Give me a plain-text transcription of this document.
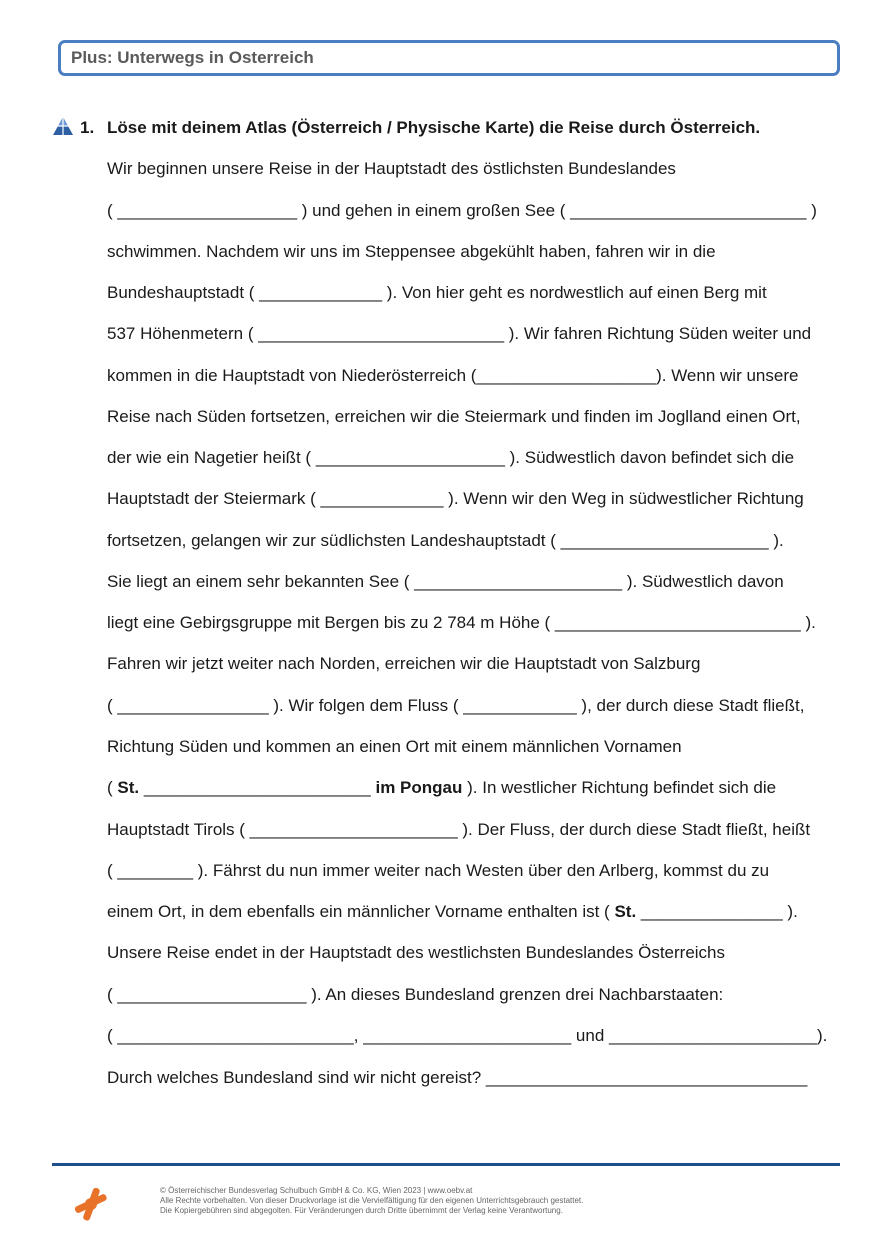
Plus: Unterwegs in Osterreich
1. Löse mit deinem Atlas (Österreich / Physische Karte) die Reise durch Österreich.
Wir beginnen unsere Reise in der Hauptstadt des östlichsten Bundeslandes
( ___________________ ) und gehen in einem großen See ( _________________________ )
schwimmen. Nachdem wir uns im Steppensee abgekühlt haben, fahren wir in die
Bundeshauptstadt ( _____________ ). Von hier geht es nordwestlich auf einen Berg mit
537 Höhenmetern ( __________________________ ). Wir fahren Richtung Süden weiter und
kommen in die Hauptstadt von Niederösterreich (___________________). Wenn wir unsere
Reise nach Süden fortsetzen, erreichen wir die Steiermark und finden im Joglland einen Ort,
der wie ein Nagetier heißt ( ____________________ ). Südwestlich davon befindet sich die
Hauptstadt der Steiermark ( _____________ ). Wenn wir den Weg in südwestlicher Richtung
fortsetzen, gelangen wir zur südlichsten Landeshauptstadt ( ______________________ ).
Sie liegt an einem sehr bekannten See ( ______________________ ). Südwestlich davon
liegt eine Gebirgsgruppe mit Bergen bis zu 2 784 m Höhe ( __________________________ ).
Fahren wir jetzt weiter nach Norden, erreichen wir die Hauptstadt von Salzburg
( ________________ ). Wir folgen dem Fluss ( ____________ ), der durch diese Stadt fließt,
Richtung Süden und kommen an einen Ort mit einem männlichen Vornamen
( St. ________________________ im Pongau ). In westlicher Richtung befindet sich die
Hauptstadt Tirols ( ______________________ ). Der Fluss, der durch diese Stadt fließt, heißt
( ________ ). Fährst du nun immer weiter nach Westen über den Arlberg, kommst du zu
einem Ort, in dem ebenfalls ein männlicher Vorname enthalten ist ( St. _______________ ).
Unsere Reise endet in der Hauptstadt des westlichsten Bundeslandes Österreichs
( ____________________ ). An dieses Bundesland grenzen drei Nachbarstaaten:
( _________________________, ______________________ und ______________________).
Durch welches Bundesland sind wir nicht gereist? __________________________________
© Österreichischer Bundesverlag Schulbuch GmbH & Co. KG, Wien 2023 | www.oebv.at
Alle Rechte vorbehalten. Von dieser Druckvorlage ist die Vervielfältigung für den eigenen Unterrichtsgebrauch gestattet.
Die Kopiergebühren sind abgegolten. Für Veränderungen durch Dritte übernimmt der Verlag keine Verantwortung.
